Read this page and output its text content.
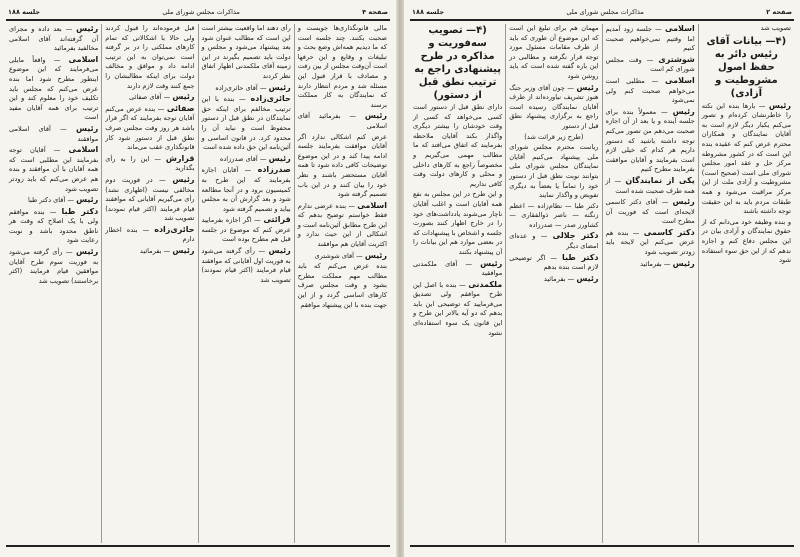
صفحه ۴
مذاکرات مجلس شورای ملی
جلسه ۱۸۸

مالی قانونگذاری‌ها جویست و صحبت بکنند. چند جلسه است که ما دیدیم همه‌اش وضع بحث و تبلیغات و وقایع و این حرفها است آن‌وقت مجلس از بین رفت و مصادف با قرار قبول این مسئله شد و مردم انتظار دارند که نمایندگان به کار مملکت برسند

رئیس — بفرمائید آقای اسلامی

عرض کنم اشکالی ندارد اگر آقایان موافقت بفرمایند جلسه ادامه پیدا کند و در این موضوع توضیحات کافی داده شود تا همه آقایان مستحضر باشند و نظر خود را بیان کنند و در این باب تصمیم گرفته شود

اسلامی — بنده عرضی ندارم فقط خواستم توضیح بدهم که این طرح مطابق آئین‌نامه است و اشکالی از این حیث ندارد و اکثریت آقایان هم موافقند

رئیس — آقای شوشتری

بنده عرض می‌کنم که باید مطالب مهم مملکت مطرح بشود و وقت مجلس صرف کارهای اساسی گردد و از این جهت بنده با این پیشنهاد موافقم

رأی دهند اما واقعیت بیشتر است این است که مطالب عنوان شود بعد پیشنهاد می‌شود و مجلس و دولت باید تصمیم بگیرند در این زمینه آقای ملکمدنی اظهار اتفاق نظر کردند

رئیس — آقای حائری‌زاده

حائری‌زاده — بنده با این ترتیب مخالفم برای اینکه حق نمایندگان در نطق قبل از دستور محفوظ است و نباید آن را محدود کرد. در قانون اساسی و آئین‌نامه این حق داده شده است

رئیس — آقای صدرزاده

صدرزاده — آقایان اجازه بفرمایند که این طرح به کمیسیون برود و در آنجا مطالعه شود و بعد گزارش آن به مجلس بیاید و تصمیم گرفته شود

قرائتی — اگر اجازه بفرمایید عرض کنم که موضوع در جلسه قبل هم مطرح بوده است

رئیس — رأی گرفته می‌شود به فوریت اول آقایانی که موافقند قیام فرمایند (اکثر قیام نمودند) تصویب شد

قبل فرموده‌اند را قبول کردند ولی حالا با اشکالاتی که تمام کارهای مملکتی را در بر گرفته است نمی‌توان به این ترتیب ادامه داد و موافق و مخالف دولت برای اینکه مطالبشان را جمع کنند وقت لازم دارند

رئیس — آقای صفائی

صفائی — بنده عرض می‌کنم آقایان توجه بفرمایند که اگر قرار باشد هر روز وقت مجلس صرف نطق قبل از دستور شود کار قانونگذاری عقب می‌ماند

قرارش — این را به رأی بگذارید

رئیس — در فوریت دوم مخالفی نیست (اظهاری نشد) رأی می‌گیریم آقایانی که موافقند قیام فرمایند (اکثر قیام نمودند) تصویب شد

حائری‌زاده — بنده اخطار دارم

رئیس — بفرمائید

رئیس — بعد داده و مجرای آن گرفته‌اند آقای اسلامی مخالفید بفرمائید

اسلامی — واقعاً مایلی می‌فرمایند که این موضوع اینطور مطرح شود اما بنده عرض می‌کنم که مجلس باید تکلیف خود را معلوم کند و این ترتیب برای همه آقایان مفید است

رئیس — آقای اسلامی موافقند

اسلامی — آقایان توجه بفرمایند این مطلبی است که همه آقایان با آن موافقند و بنده هم عرض می‌کنم که باید زودتر تصویب شود

رئیس — آقای دکتر طبا

دکتر طبا — بنده موافقم ولی با یک اصلاح که وقت هر ناطق محدود باشد و نوبت رعایت شود

رئیس — رأی گرفته می‌شود به فوریت سوم طرح آقایان موافقین قیام فرمایند (اکثر برخاستند) تصویب شد

صفحه ۲
مذاکرات مجلس شورای ملی
جلسه ۱۸۸

تصویب شد

(۴— بیانات آقای رئیس دائر به حفظ اصول مشروطیت و آزادی)

رئیس — بارها بنده این نکته را خاطرنشان کرده‌ام و تصور می‌کنم یکبار دیگر لازم است به آقایان نمایندگان و همکاران محترم عرض کنم که عقیده بنده این است که در کشور مشروطه مرکز حل و عقد امور مجلس شورای ملی است (صحیح است) مشروطیت و آزادی ملت از این مرکز مراقبت می‌شود و همه طبقات مردم باید به این حقیقت توجه داشته باشند

و بنده وظیفه خود می‌دانم که از حقوق نمایندگان و آزادی بیان در این مجلس دفاع کنم و اجازه ندهم که از این حق سوء استفاده شود

اسلامی — جلسه زود آمدیم اما وقتیم نمی‌خواهیم صحبت کنیم

شوشتری — وقت مجلس شورای کم است

اسلامی — مطلبی است می‌خواهم صحبت کنم ولی نمی‌شود

رئیس — معمولاً بنده برای جلسه آینده و یا بعد از آن اجازه صحبت می‌دهم من تصور می‌کنم توجه داشته باشید که دستور داریم هر کدام که خیلی لازم است بفرمایند و آقایان موافقت بفرمایند مطرح کنیم

یکی از نمایندگان — از همه طرف صحبت شده است

رئیس — آقای دکتر کاسمی لایحه‌ای است که فوریت آن مطرح است

دکتر کاسمی — بنده هم عرض می‌کنم این لایحه باید زودتر تصویب شود

رئیس — بفرمائید

مهمان هم برای تبلیغ این است که این موضوع آن طوری که باید از طرف مقامات مسئول مورد توجه قرار نگرفته و مطالبی در این باره گفته شده است که باید روشن شود

رئیس — چون آقای وزیر جنگ هنوز تشریف نیاورده‌اند از طرف آقایان نمایندگان رسیده است راجع به برگزاری پیشنهاد نطق قبل از دستور

(طرح زیر قرائت شد)

ریاست محترم مجلس شورای ملی پیشنهاد می‌کنیم آقایان نمایندگان مجلس شورای ملی بتوانند نوبت نطق قبل از دستور خود را تماماً یا بعضاً به دیگری تفویض و واگذار نمایند

دکتر طبا — نظام‌زاده — اعظم زنگنه — ناصر ذوالفقاری — کشاورز صدر — صدرزاده

دکتر جلالی — و عده‌ای امضای دیگر

دکتر طبا — اگر توضیحی لازم است بنده بدهم

رئیس — بفرمائید

(۴— تصویب سه‌فوریت و مذاکره در طرح پیشنهادی راجع به ترتیب نطق قبل از دستور)

داراى نطق قبل از دستور است کسی می‌خواهد که کسی از وقت خودشان را بیشتر دیگری واگذار بکند آقایان ملاحظه بفرمایند که اتفاق می‌افتد که ما مطالب مهمی می‌گیریم و مخصوصاً راجع به کارهای داخلی و محلی و کارهای دولت وقت کافی نداریم

و این طرح در این مجلس به نفع همه آقایان است و اغلب آقایان ناچار می‌شوند یادداشت‌های خود را در خارج اظهار کنند بصورت جلسه و اشخاص با پیشنهادات که در بعضی موارد هم این بیانات را آن پیشنهاد بکنند

رئیس — آقای ملکمدنی موافقید

ملکمدنی — بنده با اصل این طرح موافقم ولی تصدیق می‌فرمایید که توضیحی این باید بدهم که دو آیه بالاتر این طرح و این قانون یک سوء استفاده‌ای نشود
